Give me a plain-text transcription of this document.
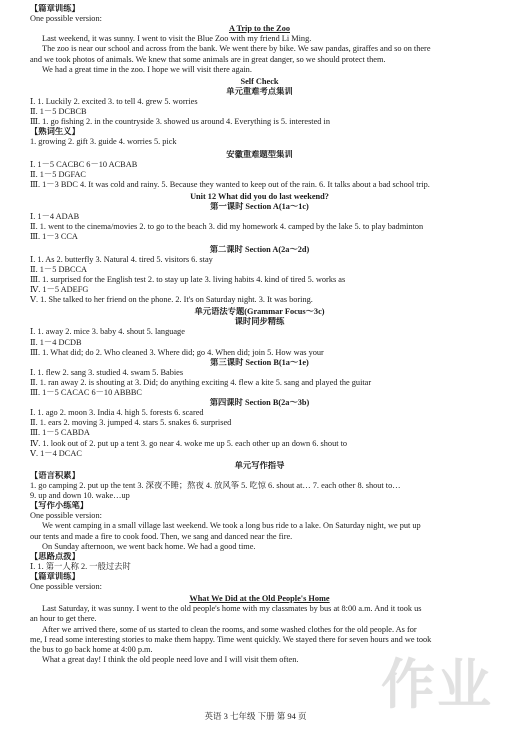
【篇章训练】
One possible version:
A Trip to the Zoo
Last weekend, it was sunny. I went to visit the Blue Zoo with my friend Li Ming.
The zoo is near our school and across from the bank. We went there by bike. We saw pandas, giraffes and so on there
and we took photos of animals. We knew that some animals are in great danger, so we should protect them.
We had a great time in the zoo. I hope we will visit there again.
Self Check
单元重难考点集训
Ⅰ. 1. Luckily 2. excited 3. to tell 4. grew 5. worries
Ⅱ. 1－5 DCBCB
Ⅲ. 1. go fishing 2. in the countryside 3. showed us around 4. Everything is 5. interested in
【熟词生义】
1. growing 2. gift 3. guide 4. worries 5. pick
安徽重难题型集训
Ⅰ. 1－5 CACBC 6－10 ACBAB
Ⅱ. 1－5 DGFAC
Ⅲ. 1－3 BDC 4. It was cold and rainy. 5. Because they wanted to keep out of the rain. 6. It talks about a bad school trip.
Unit 12 What did you do last weekend?
第一课时 Section A(1a～1c)
Ⅰ. 1－4 ADAB
Ⅱ. 1. went to the cinema/movies 2. to go to the beach 3. did my homework 4. camped by the lake 5. to play badminton
Ⅲ. 1－3 CCA
第二课时 Section A(2a～2d)
Ⅰ. 1. As 2. butterfly 3. Natural 4. tired 5. visitors 6. stay
Ⅱ. 1－5 DBCCA
Ⅲ. 1. surprised for the English test 2. to stay up late 3. living habits 4. kind of tired 5. works as
Ⅳ. 1－5 ADEFG
Ⅴ. 1. She talked to her friend on the phone. 2. It's on Saturday night. 3. It was boring.
单元语法专题(Grammar Focus～3c)
课时同步精练
Ⅰ. 1. away 2. mice 3. baby 4. shout 5. language
Ⅱ. 1－4 DCDB
Ⅲ. 1. What did; do 2. Who cleaned 3. Where did; go 4. When did; join 5. How was your
第三课时 Section B(1a～1e)
Ⅰ. 1. flew 2. sang 3. studied 4. swam 5. Babies
Ⅱ. 1. ran away 2. is shouting at 3. Did; do anything exciting 4. flew a kite 5. sang and played the guitar
Ⅲ. 1－5 CACAC 6－10 ABBBC
第四课时 Section B(2a～3b)
Ⅰ. 1. ago 2. moon 3. India 4. high 5. forests 6. scared
Ⅱ. 1. ears 2. moving 3. jumped 4. stars 5. snakes 6. surprised
Ⅲ. 1－5 CABDA
Ⅳ. 1. look out of 2. put up a tent 3. go near 4. woke me up 5. each other up an down 6. shout to
Ⅴ. 1－4 DCAC
单元写作指导
【语言积累】
1. go camping 2. put up the tent 3. 深夜不睡；熬夜 4. 放风筝 5. 吃惊 6. shout at… 7. each other 8. shout to…
9. up and down 10. wake…up
【写作小练笔】
One possible version:
We went camping in a small village last weekend. We took a long bus ride to a lake. On Saturday night, we put up
our tents and made a fire to cook food. Then, we sang and danced near the fire.
On Sunday afternoon, we went back home. We had a good time.
【思路点拨】
Ⅰ. 1. 第一人称 2. 一般过去时
【篇章训练】
One possible version:
What We Did at the Old People's Home
Last Saturday, it was sunny. I went to the old people's home with my classmates by bus at 8:00 a.m. And it took us
an hour to get there.
After we arrived there, some of us started to clean the rooms, and some washed clothes for the old people. As for
me, I read some interesting stories to make them happy. Time went quickly. We stayed there for seven hours and we took
the bus to go back home at 4:00 p.m.
What a great day! I think the old people need love and I will visit them often.	作业
英语 3 七年级 下册 第 94 页
